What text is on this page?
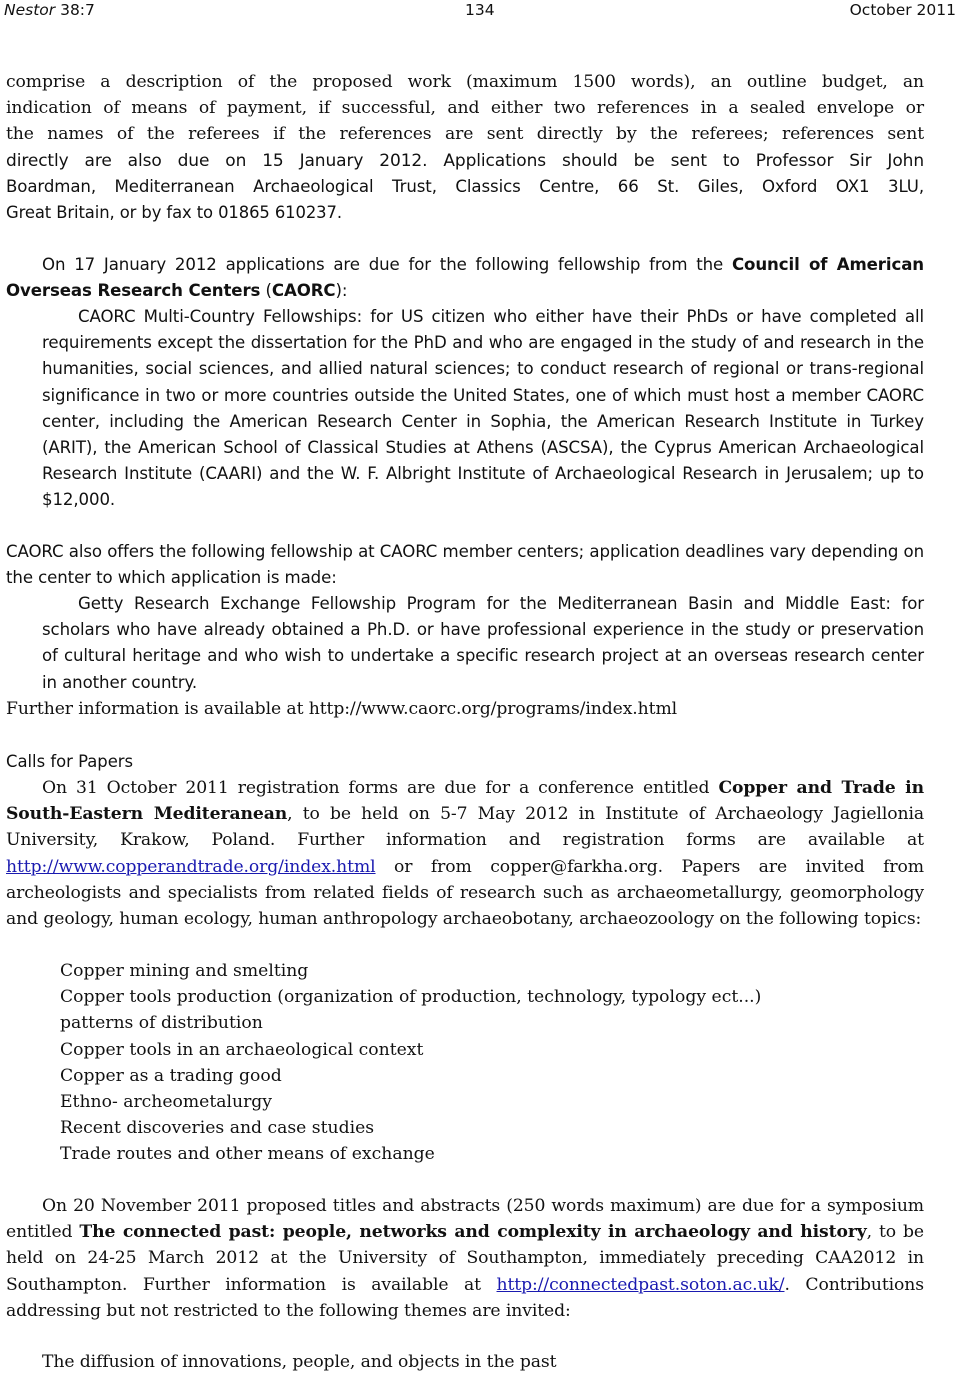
Nestor 38:7	134	October 2011
comprise a description of the proposed work (maximum 1500 words), an outline budget, an
indication of means of payment, if successful, and either two references in a sealed envelope or
the names of the referees if the references are sent directly by the referees; references sent
directly are also due on 15 January 2012. Applications should be sent to Professor Sir John
Boardman, Mediterranean Archaeological Trust, Classics Centre, 66 St. Giles, Oxford OX1 3LU,
Great Britain, or by fax to 01865 610237.
On 17 January 2012 applications are due for the following fellowship from the Council of American Overseas Research Centers (CAORC):
CAORC Multi-Country Fellowships: for US citizen who either have their PhDs or have completed all requirements except the dissertation for the PhD and who are engaged in the study of and research in the humanities, social sciences, and allied natural sciences; to conduct research of regional or trans-regional significance in two or more countries outside the United States, one of which must host a member CAORC center, including the American Research Center in Sophia, the American Research Institute in Turkey (ARIT), the American School of Classical Studies at Athens (ASCSA), the Cyprus American Archaeological Research Institute (CAARI) and the W. F. Albright Institute of Archaeological Research in Jerusalem; up to $12,000.
CAORC also offers the following fellowship at CAORC member centers; application deadlines vary depending on the center to which application is made:
Getty Research Exchange Fellowship Program for the Mediterranean Basin and Middle East: for scholars who have already obtained a Ph.D. or have professional experience in the study or preservation of cultural heritage and who wish to undertake a specific research project at an overseas research center in another country.
Further information is available at http://www.caorc.org/programs/index.html
Calls for Papers
On 31 October 2011 registration forms are due for a conference entitled Copper and Trade in South-Eastern Mediteranean, to be held on 5-7 May 2012 in Institute of Archaeology Jagiellonia University, Krakow, Poland. Further information and registration forms are available at http://www.copperandtrade.org/index.html or from copper@farkha.org. Papers are invited from archeologists and specialists from related fields of research such as archaeometallurgy, geomorphology and geology, human ecology, human anthropology archaeobotany, archaeozoology on the following topics:
Copper mining and smelting
Copper tools production (organization of production, technology, typology ect...)
patterns of distribution
Copper tools in an archaeological context
Copper as a trading good
Ethno- archeometalurgy
Recent discoveries and case studies
Trade routes and other means of exchange
On 20 November 2011 proposed titles and abstracts (250 words maximum) are due for a symposium entitled The connected past: people, networks and complexity in archaeology and history, to be held on 24-25 March 2012 at the University of Southampton, immediately preceding CAA2012 in Southampton. Further information is available at http://connectedpast.soton.ac.uk/. Contributions addressing but not restricted to the following themes are invited:
The diffusion of innovations, people, and objects in the past
